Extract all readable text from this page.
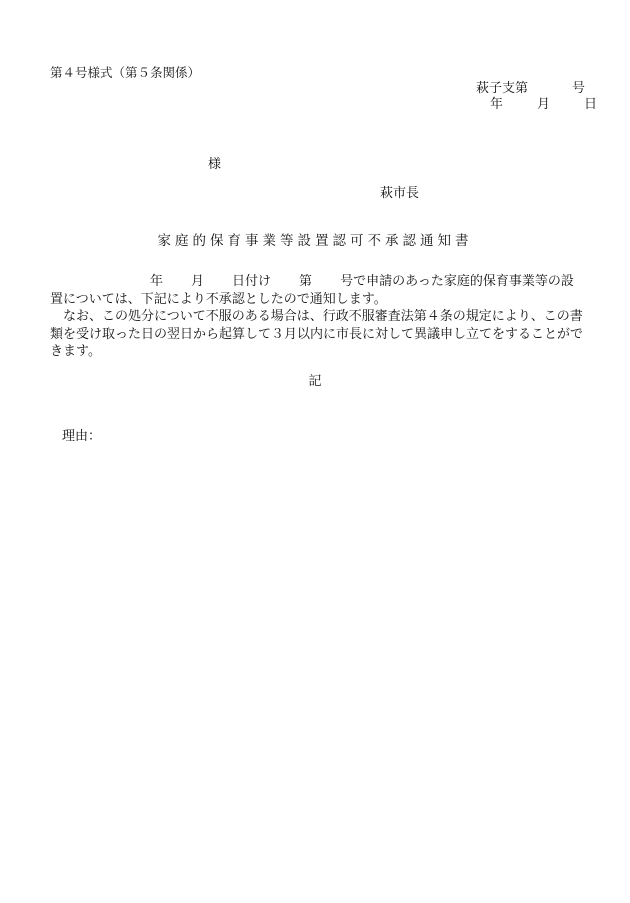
第４号様式（第５条関係）
萩子支第	号
年	月	日
様
萩市長
家庭的保育事業等設置認可不承認通知書

年 月 日付け 第 号で申請のあった家庭的保育事業等の設置については、下記により不承認としたので通知します。

なお、この処分について不服のある場合は、行政不服審査法第４条の規定により、この書類を受け取った日の翌日から起算して３月以内に市長に対して異議申し立てをすることができます。

記
理由：
